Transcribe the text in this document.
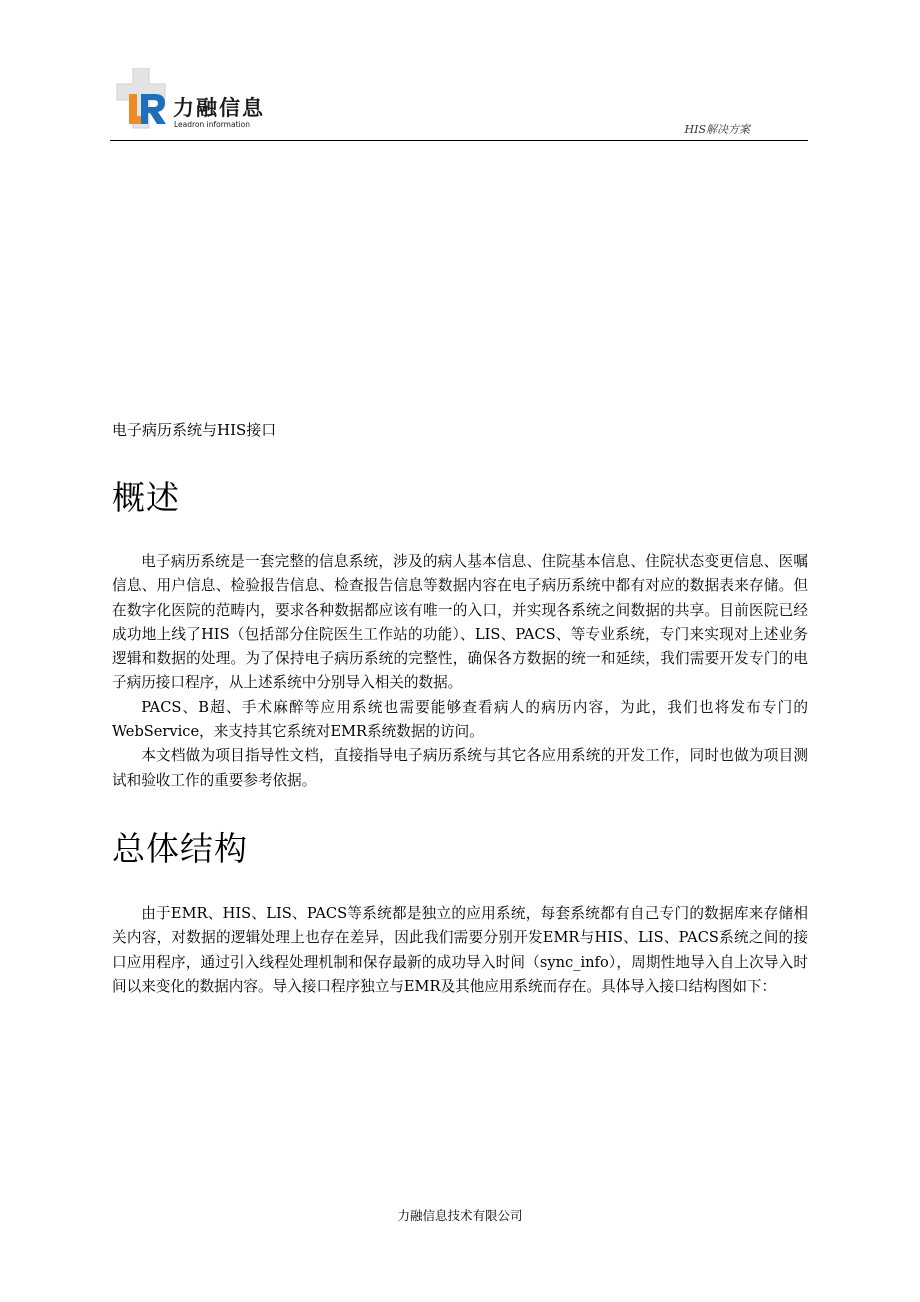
力融信息
Leadron information	HIS解决方案
电子病历系统与HIS接口
概述

电子病历系统是一套完整的信息系统，涉及的病人基本信息、住院基本信息、住院状态变更信息、医嘱信息、用户信息、检验报告信息、检查报告信息等数据内容在电子病历系统中都有对应的数据表来存储。但在数字化医院的范畴内，要求各种数据都应该有唯一的入口，并实现各系统之间数据的共享。目前医院已经成功地上线了HIS（包括部分住院医生工作站的功能）、LIS、PACS、等专业系统，专门来实现对上述业务逻辑和数据的处理。为了保持电子病历系统的完整性，确保各方数据的统一和延续，我们需要开发专门的电子病历接口程序，从上述系统中分别导入相关的数据。

PACS、B超、手术麻醉等应用系统也需要能够查看病人的病历内容，为此，我们也将发布专门的WebService，来支持其它系统对EMR系统数据的访问。

本文档做为项目指导性文档，直接指导电子病历系统与其它各应用系统的开发工作，同时也做为项目测试和验收工作的重要参考依据。

总体结构

由于EMR、HIS、LIS、PACS等系统都是独立的应用系统，每套系统都有自己专门的数据库来存储相关内容，对数据的逻辑处理上也存在差异，因此我们需要分别开发EMR与HIS、LIS、PACS系统之间的接口应用程序，通过引入线程处理机制和保存最新的成功导入时间（sync_info），周期性地导入自上次导入时间以来变化的数据内容。导入接口程序独立与EMR及其他应用系统而存在。具体导入接口结构图如下：

力融信息技术有限公司
